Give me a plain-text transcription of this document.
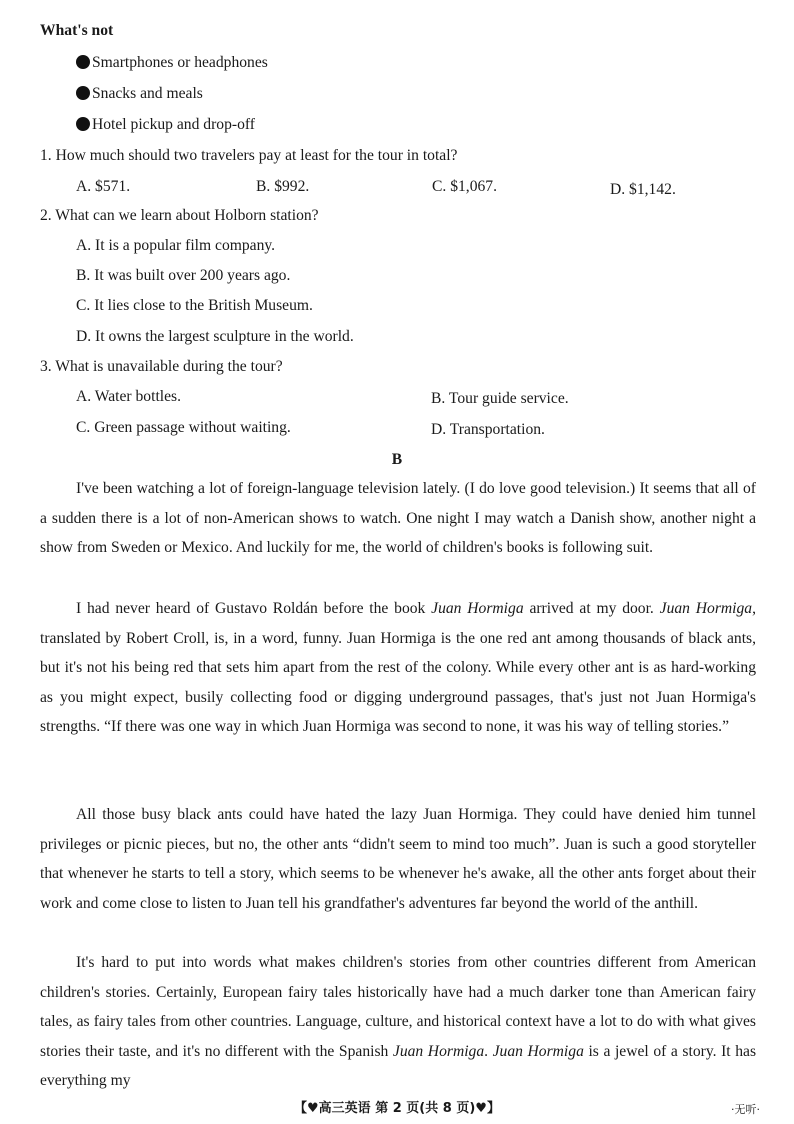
What's not
Smartphones or headphones
Snacks and meals
Hotel pickup and drop-off
1. How much should two travelers pay at least for the tour in total?
A. $571.	B. $992.	C. $1,067.	D. $1,142.
2. What can we learn about Holborn station?
A. It is a popular film company.
B. It was built over 200 years ago.
C. It lies close to the British Museum.
D. It owns the largest sculpture in the world.
3. What is unavailable during the tour?
A. Water bottles.	B. Tour guide service.
C. Green passage without waiting.	D. Transportation.
B
I've been watching a lot of foreign-language television lately. (I do love good television.) It seems that all of a sudden there is a lot of non-American shows to watch. One night I may watch a Danish show, another night a show from Sweden or Mexico. And luckily for me, the world of children's books is following suit.
I had never heard of Gustavo Roldán before the book Juan Hormiga arrived at my door. Juan Hormiga, translated by Robert Croll, is, in a word, funny. Juan Hormiga is the one red ant among thousands of black ants, but it's not his being red that sets him apart from the rest of the colony. While every other ant is as hard-working as you might expect, busily collecting food or digging underground passages, that's just not Juan Hormiga's strengths. “If there was one way in which Juan Hormiga was second to none, it was his way of telling stories.”
All those busy black ants could have hated the lazy Juan Hormiga. They could have denied him tunnel privileges or picnic pieces, but no, the other ants “didn't seem to mind too much”. Juan is such a good storyteller that whenever he starts to tell a story, which seems to be whenever he's awake, all the other ants forget about their work and come close to listen to Juan tell his grandfather's adventures far beyond the world of the anthill.
It's hard to put into words what makes children's stories from other countries different from American children's stories. Certainly, European fairy tales historically have had a much darker tone than American fairy tales, as fairy tales from other countries. Language, culture, and historical context have a lot to do with what gives stories their taste, and it's no different with the Spanish Juan Hormiga. Juan Hormiga is a jewel of a story. It has everything my
【♥高三英语 第 2 页(共 8 页)♥】	·无听·
